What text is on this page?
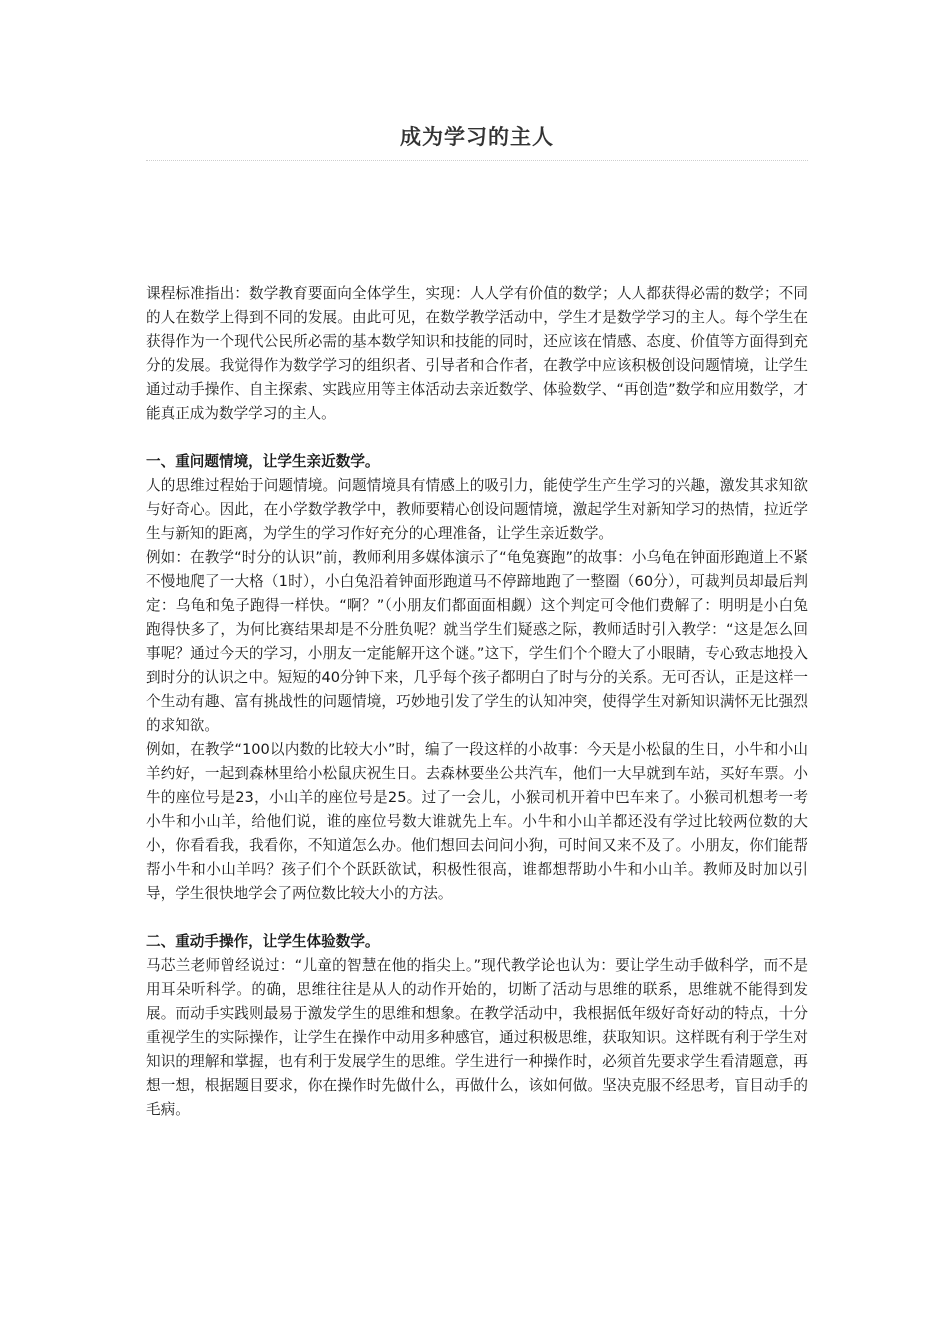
成为学习的主人

课程标准指出：数学教育要面向全体学生，实现：人人学有价值的数学；人人都获得必需的数学；不同的人在数学上得到不同的发展。由此可见，在数学教学活动中，学生才是数学学习的主人。每个学生在获得作为一个现代公民所必需的基本数学知识和技能的同时，还应该在情感、态度、价值等方面得到充分的发展。我觉得作为数学学习的组织者、引导者和合作者，在教学中应该积极创设问题情境，让学生通过动手操作、自主探索、实践应用等主体活动去亲近数学、体验数学、“再创造”数学和应用数学，才能真正成为数学学习的主人。

一、重问题情境，让学生亲近数学。

人的思维过程始于问题情境。问题情境具有情感上的吸引力，能使学生产生学习的兴趣，激发其求知欲与好奇心。因此，在小学数学教学中，教师要精心创设问题情境，激起学生对新知学习的热情，拉近学生与新知的距离，为学生的学习作好充分的心理准备，让学生亲近数学。

例如：在教学“时分的认识”前，教师利用多媒体演示了“龟兔赛跑”的故事：小乌龟在钟面形跑道上不紧不慢地爬了一大格（1时），小白兔沿着钟面形跑道马不停蹄地跑了一整圈（60分），可裁判员却最后判定：乌龟和兔子跑得一样快。“啊？”（小朋友们都面面相觑）这个判定可令他们费解了：明明是小白兔跑得快多了，为何比赛结果却是不分胜负呢？就当学生们疑惑之际，教师适时引入教学：“这是怎么回事呢？通过今天的学习，小朋友一定能解开这个谜。”这下，学生们个个瞪大了小眼睛，专心致志地投入到时分的认识之中。短短的40分钟下来，几乎每个孩子都明白了时与分的关系。无可否认，正是这样一个生动有趣、富有挑战性的问题情境，巧妙地引发了学生的认知冲突，使得学生对新知识满怀无比强烈的求知欲。

例如，在教学“100以内数的比较大小”时，编了一段这样的小故事：今天是小松鼠的生日，小牛和小山羊约好，一起到森林里给小松鼠庆祝生日。去森林要坐公共汽车，他们一大早就到车站，买好车票。小牛的座位号是23，小山羊的座位号是25。过了一会儿，小猴司机开着中巴车来了。小猴司机想考一考小牛和小山羊，给他们说，谁的座位号数大谁就先上车。小牛和小山羊都还没有学过比较两位数的大小，你看看我，我看你，不知道怎么办。他们想回去问问小狗，可时间又来不及了。小朋友，你们能帮帮小牛和小山羊吗？孩子们个个跃跃欲试，积极性很高，谁都想帮助小牛和小山羊。教师及时加以引导，学生很快地学会了两位数比较大小的方法。

二、重动手操作，让学生体验数学。

马芯兰老师曾经说过：“儿童的智慧在他的指尖上。”现代教学论也认为：要让学生动手做科学，而不是用耳朵听科学。的确，思维往往是从人的动作开始的，切断了活动与思维的联系，思维就不能得到发展。而动手实践则最易于激发学生的思维和想象。在教学活动中，我根据低年级好奇好动的特点，十分重视学生的实际操作，让学生在操作中动用多种感官，通过积极思维，获取知识。这样既有利于学生对知识的理解和掌握，也有利于发展学生的思维。学生进行一种操作时，必须首先要求学生看清题意，再想一想，根据题目要求，你在操作时先做什么，再做什么，该如何做。坚决克服不经思考，盲目动手的毛病。
